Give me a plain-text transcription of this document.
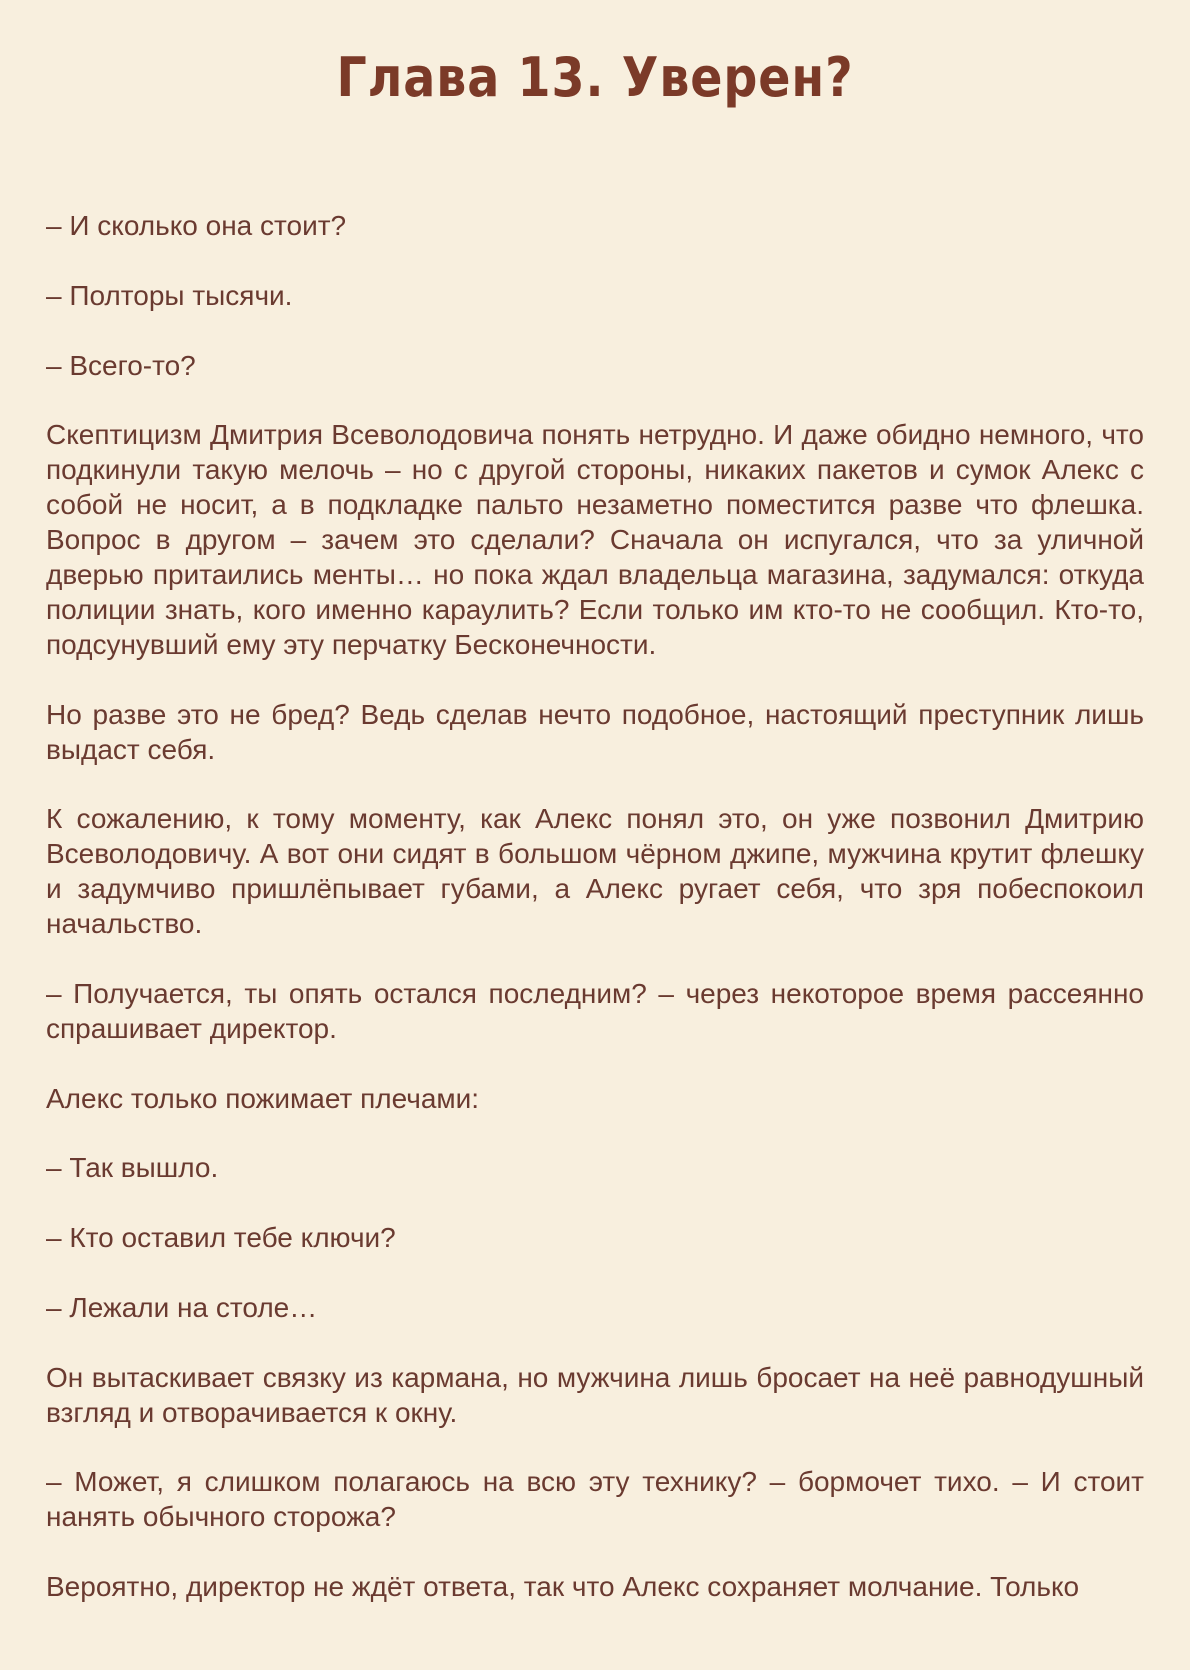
Глава 13. Уверен?

– И сколько она стоит?

– Полторы тысячи.

– Всего-то?

Скептицизм Дмитрия Всеволодовича понять нетрудно. И даже обидно немного, что подкинули такую мелочь – но с другой стороны, никаких пакетов и сумок Алекс с собой не носит, а в подкладке пальто незаметно поместится разве что флешка. Вопрос в другом – зачем это сделали? Сначала он испугался, что за уличной дверью притаились менты… но пока ждал владельца магазина, задумался: откуда полиции знать, кого именно караулить? Если только им кто-то не сообщил. Кто-то, подсунувший ему эту перчатку Бесконечности.

Но разве это не бред? Ведь сделав нечто подобное, настоящий преступник лишь выдаст себя.

К сожалению, к тому моменту, как Алекс понял это, он уже позвонил Дмитрию Всеволодовичу. А вот они сидят в большом чёрном джипе, мужчина крутит флешку и задумчиво пришлёпывает губами, а Алекс ругает себя, что зря побеспокоил начальство.

– Получается, ты опять остался последним? – через некоторое время рассеянно спрашивает директор.

Алекс только пожимает плечами:

– Так вышло.

– Кто оставил тебе ключи?

– Лежали на столе…

Он вытаскивает связку из кармана, но мужчина лишь бросает на неё равнодушный взгляд и отворачивается к окну.

– Может, я слишком полагаюсь на всю эту технику? – бормочет тихо. – И стоит нанять обычного сторожа?

Вероятно, директор не ждёт ответа, так что Алекс сохраняет молчание. Только
